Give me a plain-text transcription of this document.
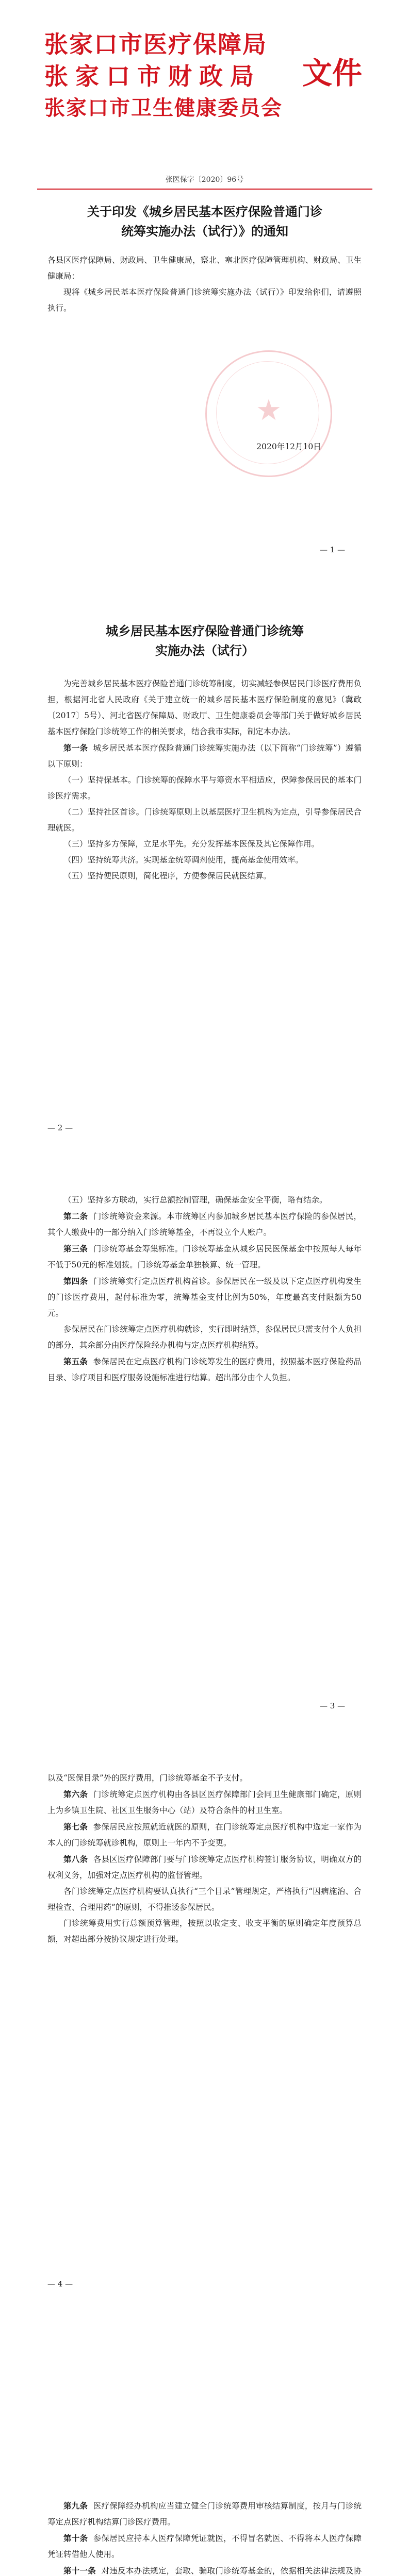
张家口市医疗保障局
张家口市财政局
张家口市卫生健康委员会
文件
张医保字〔2020〕96号
关于印发《城乡居民基本医疗保险普通门诊
统筹实施办法（试行）》的通知

各县区医疗保障局、财政局、卫生健康局，察北、塞北医疗保障管理机构、财政局、卫生健康局：

现将《城乡居民基本医疗保险普通门诊统筹实施办法（试行）》印发给你们，请遵照执行。

★
2020年12月10日
— 1 —
城乡居民基本医疗保险普通门诊统筹
实施办法（试行）

为完善城乡居民基本医疗保险普通门诊统筹制度，切实减轻参保居民门诊医疗费用负担，根据河北省人民政府《关于建立统一的城乡居民基本医疗保险制度的意见》（冀政〔2017〕5号）、河北省医疗保障局、财政厅、卫生健康委员会等部门关于做好城乡居民基本医疗保险门诊统筹工作的相关要求，结合我市实际，制定本办法。

第一条 城乡居民基本医疗保险普通门诊统筹实施办法（以下简称“门诊统筹”）遵循以下原则：

（一）坚持保基本。门诊统筹的保障水平与筹资水平相适应，保障参保居民的基本门诊医疗需求。

（二）坚持社区首诊。门诊统筹原则上以基层医疗卫生机构为定点，引导参保居民合理就医。

（三）坚持多方保障，立足水平先。充分发挥基本医保及其它保障作用。

（四）坚持统筹共济。实现基金统筹调剂使用，提高基金使用效率。

（五）坚持便民原则，简化程序，方便参保居民就医结算。

— 2 —

（五）坚持多方联动，实行总额控制管理，确保基金安全平衡，略有结余。

第二条 门诊统筹资金来源。本市统筹区内参加城乡居民基本医疗保险的参保居民，其个人缴费中的一部分纳入门诊统筹基金，不再设立个人账户。

第三条 门诊统筹基金筹集标准。门诊统筹基金从城乡居民医保基金中按照每人每年不低于50元的标准划拨。门诊统筹基金单独核算、统一管理。

第四条 门诊统筹实行定点医疗机构首诊。参保居民在一级及以下定点医疗机构发生的门诊医疗费用，起付标准为零，统筹基金支付比例为50%，年度最高支付限额为50元。

参保居民在门诊统筹定点医疗机构就诊，实行即时结算，参保居民只需支付个人负担的部分，其余部分由医疗保险经办机构与定点医疗机构结算。

第五条 参保居民在定点医疗机构门诊统筹发生的医疗费用，按照基本医疗保险药品目录、诊疗项目和医疗服务设施标准进行结算。超出部分由个人负担。

— 3 —

以及“医保目录”外的医疗费用，门诊统筹基金不予支付。

第六条 门诊统筹定点医疗机构由各县区医疗保障部门会同卫生健康部门确定，原则上为乡镇卫生院、社区卫生服务中心（站）及符合条件的村卫生室。

第七条 参保居民应按照就近就医的原则，在门诊统筹定点医疗机构中选定一家作为本人的门诊统筹就诊机构，原则上一年内不予变更。

第八条 各县区医疗保障部门要与门诊统筹定点医疗机构签订服务协议，明确双方的权利义务，加强对定点医疗机构的监督管理。

各门诊统筹定点医疗机构要认真执行“三个目录”管理规定，严格执行“因病施治、合理检查、合理用药”的原则，不得推诿参保居民。

门诊统筹费用实行总额预算管理，按照以收定支、收支平衡的原则确定年度预算总额，对超出部分按协议规定进行处理。

— 4 —

第九条 医疗保障经办机构应当建立健全门诊统筹费用审核结算制度，按月与门诊统筹定点医疗机构结算门诊医疗费用。

第十条 参保居民应持本人医疗保障凭证就医，不得冒名就医、不得将本人医疗保障凭证转借他人使用。

第十一条 对违反本办法规定，套取、骗取门诊统筹基金的，依据相关法律法规及协
